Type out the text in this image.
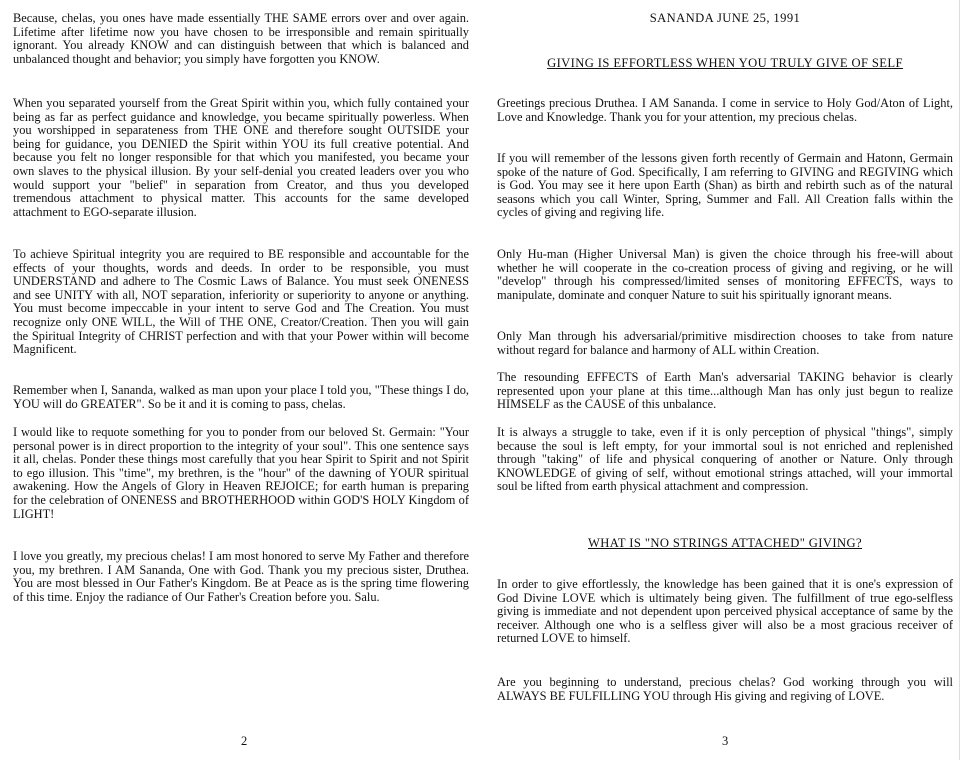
Because, chelas, you ones have made essentially THE SAME errors over and over again. Lifetime after lifetime now you have chosen to be irresponsible and remain spiritually ignorant. You already KNOW and can distinguish between that which is balanced and unbalanced thought and behavior; you simply have forgotten you KNOW.

When you separated yourself from the Great Spirit within you, which fully contained your being as far as perfect guidance and knowledge, you became spiritually powerless. When you worshipped in separateness from THE ONE and therefore sought OUTSIDE your being for guidance, you DENIED the Spirit within YOU its full creative potential. And because you felt no longer responsible for that which you manifested, you became your own slaves to the physical illusion. By your self-denial you created leaders over you who would support your "belief" in separation from Creator, and thus you developed tremendous attachment to physical matter. This accounts for the same developed attachment to EGO-separate illusion.

To achieve Spiritual integrity you are required to BE responsible and accountable for the effects of your thoughts, words and deeds. In order to be responsible, you must UNDERSTAND and adhere to The Cosmic Laws of Balance. You must seek ONENESS and see UNITY with all, NOT separation, inferiority or superiority to anyone or anything. You must become impeccable in your intent to serve God and The Creation. You must recognize only ONE WILL, the Will of THE ONE, Creator/Creation. Then you will gain the Spiritual Integrity of CHRIST perfection and with that your Power within will become Magnificent.

Remember when I, Sananda, walked as man upon your place I told you, "These things I do, YOU will do GREATER". So be it and it is coming to pass, chelas.

I would like to requote something for you to ponder from our beloved St. Germain: "Your personal power is in direct proportion to the integrity of your soul". This one sentence says it all, chelas. Ponder these things most carefully that you hear Spirit to Spirit and not Spirit to ego illusion. This "time", my brethren, is the "hour" of the dawning of YOUR spiritual awakening. How the Angels of Glory in Heaven REJOICE; for earth human is preparing for the celebration of ONENESS and BROTHERHOOD within GOD'S HOLY Kingdom of LIGHT!

I love you greatly, my precious chelas! I am most honored to serve My Father and therefore you, my brethren. I AM Sananda, One with God. Thank you my precious sister, Druthea. You are most blessed in Our Father's Kingdom. Be at Peace as is the spring time flowering of this time. Enjoy the radiance of Our Father's Creation before you. Salu.

2
SANANDA JUNE 25, 1991
GIVING IS EFFORTLESS WHEN YOU TRULY GIVE OF SELF

Greetings precious Druthea. I AM Sananda. I come in service to Holy God/Aton of Light, Love and Knowledge. Thank you for your attention, my precious chelas.

If you will remember of the lessons given forth recently of Germain and Hatonn, Germain spoke of the nature of God. Specifically, I am referring to GIVING and REGIVING which is God. You may see it here upon Earth (Shan) as birth and rebirth such as of the natural seasons which you call Winter, Spring, Summer and Fall. All Creation falls within the cycles of giving and regiving life.

Only Hu-man (Higher Universal Man) is given the choice through his free-will about whether he will cooperate in the co-creation process of giving and regiving, or he will "develop" through his compressed/limited senses of monitoring EFFECTS, ways to manipulate, dominate and conquer Nature to suit his spiritually ignorant means.

Only Man through his adversarial/primitive misdirection chooses to take from nature without regard for balance and harmony of ALL within Creation.

The resounding EFFECTS of Earth Man's adversarial TAKING behavior is clearly represented upon your plane at this time...although Man has only just begun to realize HIMSELF as the CAUSE of this unbalance.

It is always a struggle to take, even if it is only perception of physical "things", simply because the soul is left empty, for your immortal soul is not enriched and replenished through "taking" of life and physical conquering of another or Nature. Only through KNOWLEDGE of giving of self, without emotional strings attached, will your immortal soul be lifted from earth physical attachment and compression.

WHAT IS "NO STRINGS ATTACHED" GIVING?

In order to give effortlessly, the knowledge has been gained that it is one's expression of God Divine LOVE which is ultimately being given. The fulfillment of true ego-selfless giving is immediate and not dependent upon perceived physical acceptance of same by the receiver. Although one who is a selfless giver will also be a most gracious receiver of returned LOVE to himself.

Are you beginning to understand, precious chelas? God working through you will ALWAYS BE FULFILLING YOU through His giving and regiving of LOVE.

3
